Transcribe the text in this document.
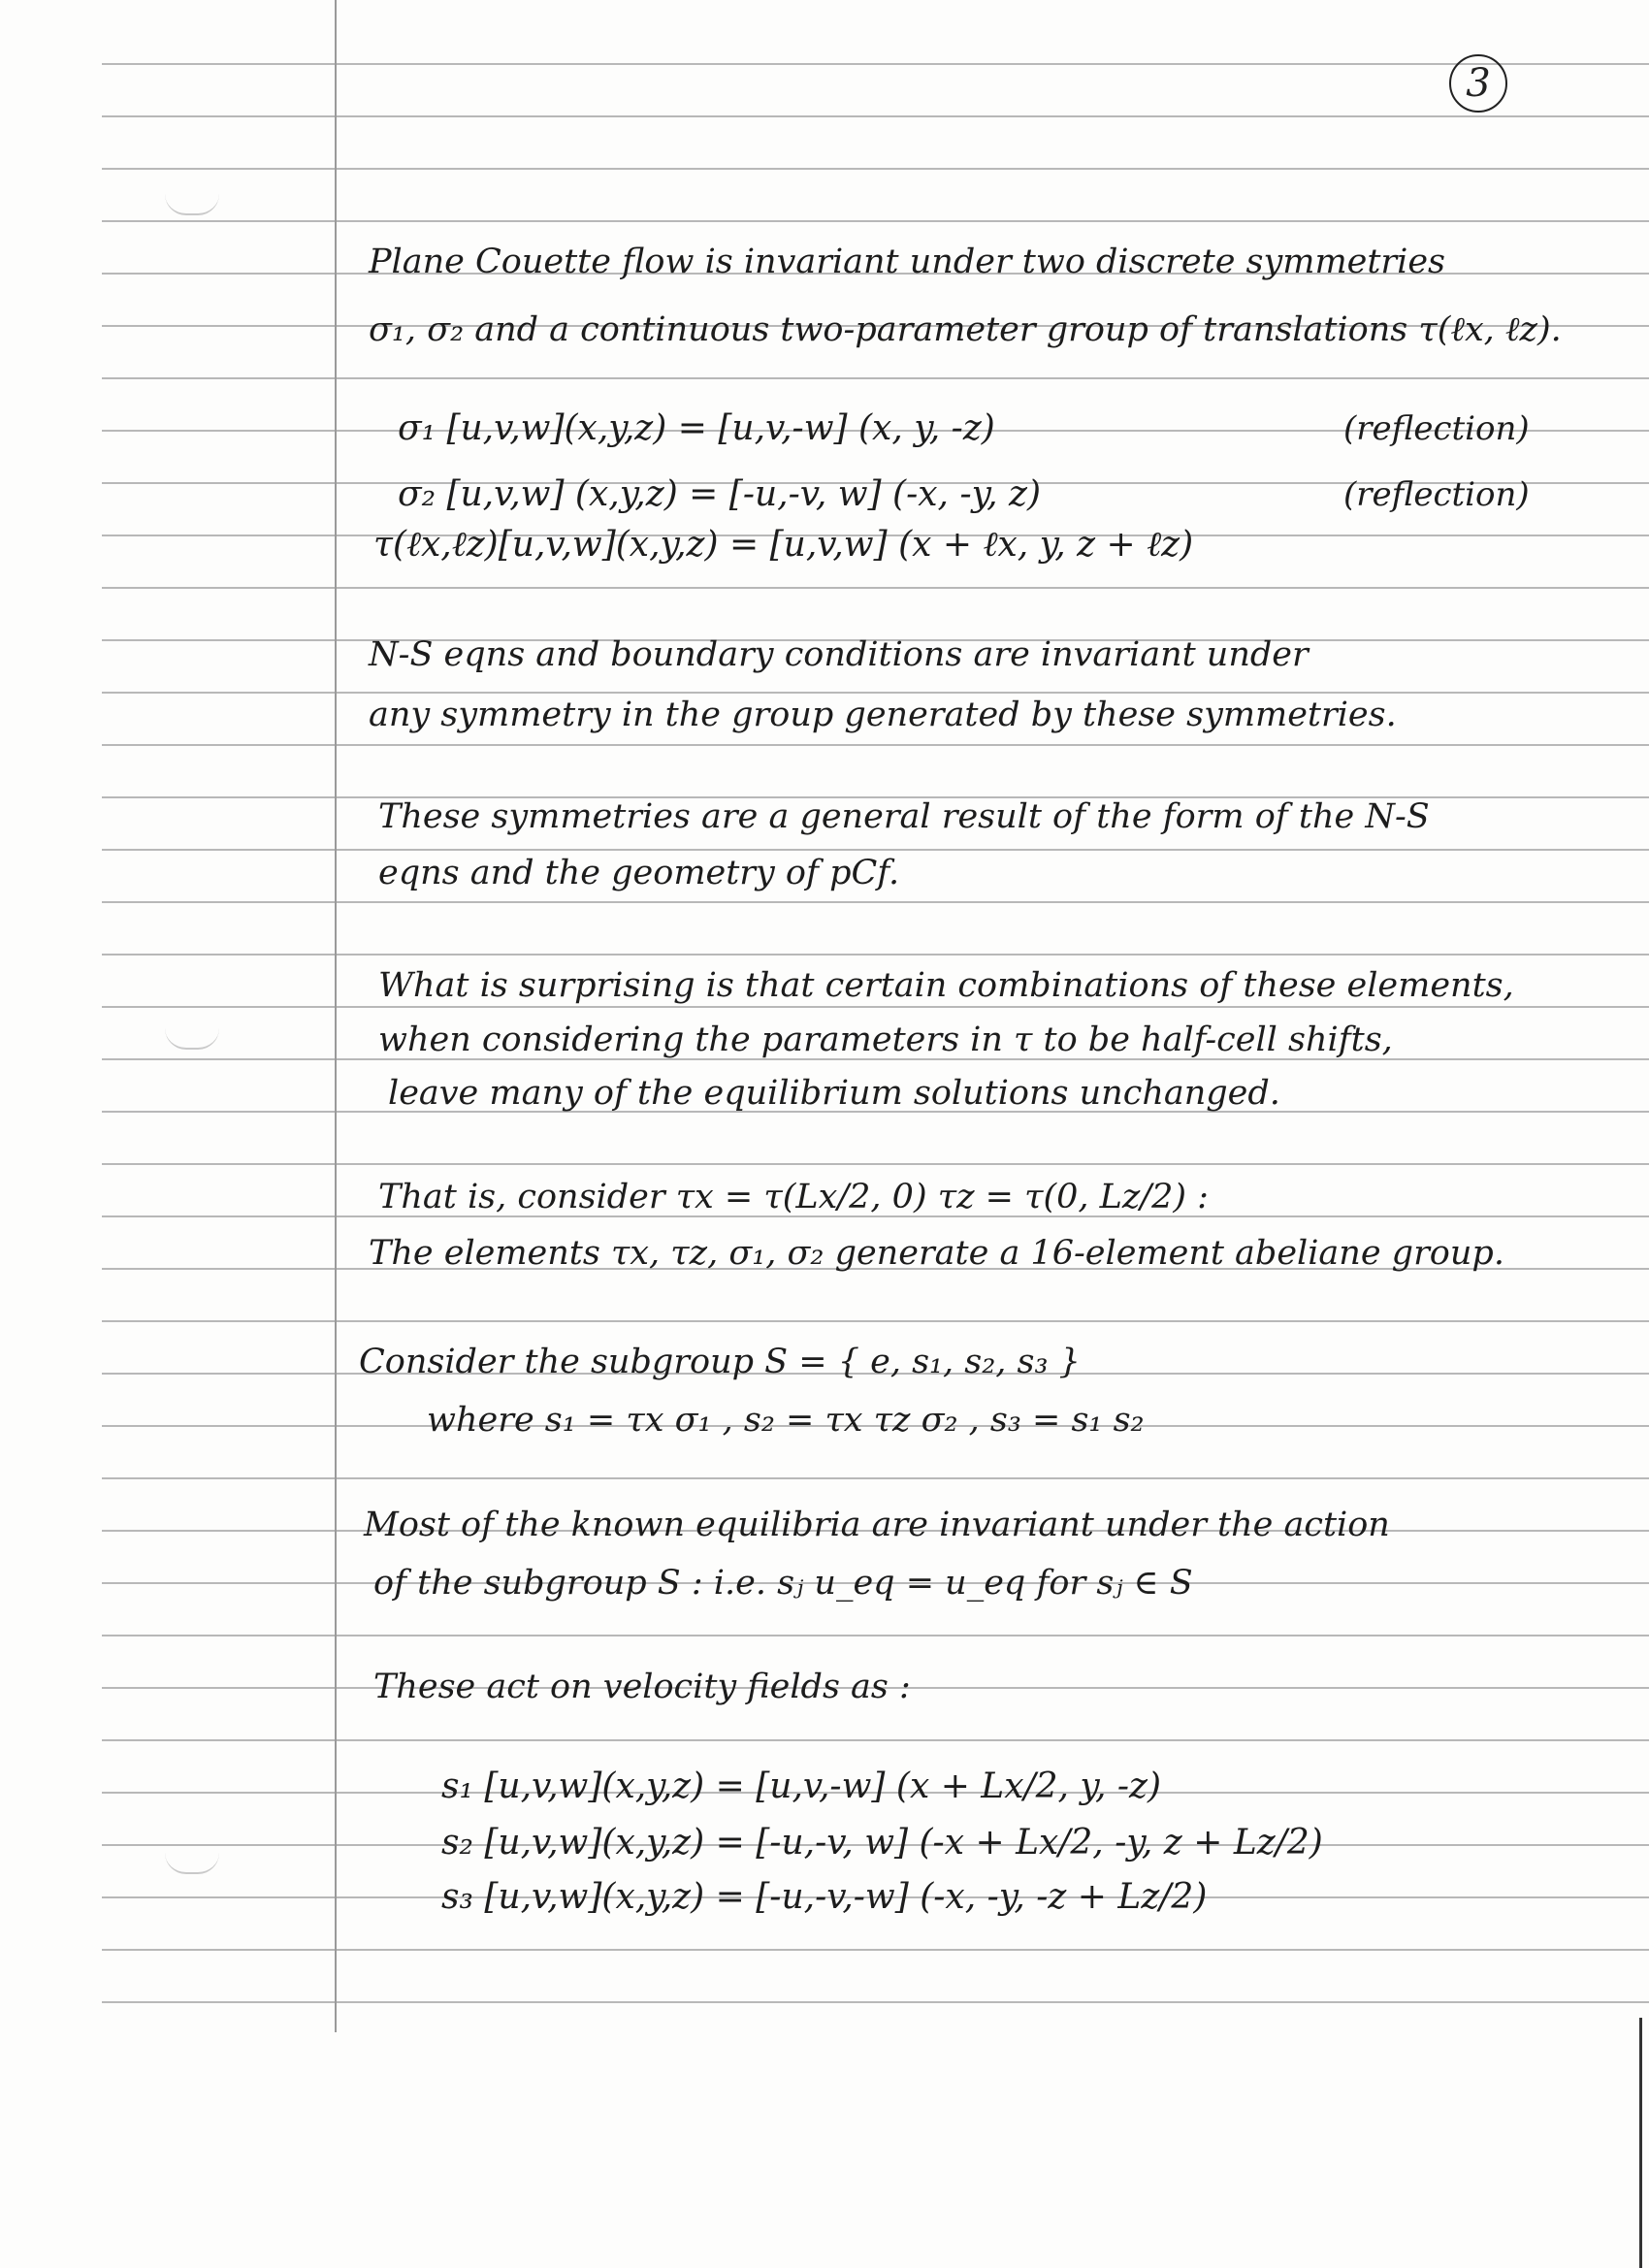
3
Plane Couette flow is invariant under two discrete symmetries
σ₁, σ₂ and a continuous two-parameter group of translations τ(ℓx, ℓz).
σ₁ [u,v,w](x,y,z) = [u,v,-w] (x, y, -z)	(reflection)
σ₂ [u,v,w] (x,y,z) = [-u,-v, w] (-x, -y, z)	(reflection)
τ(ℓx,ℓz)[u,v,w](x,y,z) = [u,v,w] (x + ℓx, y, z + ℓz)
N-S eqns and boundary conditions are invariant under
any symmetry in the group generated by these symmetries.
These symmetries are a general result of the form of the N-S
eqns and the geometry of pCf.
What is surprising is that certain combinations of these elements,
when considering the parameters in τ to be half-cell shifts,
leave many of the equilibrium solutions unchanged.
That is, consider τx = τ(Lx/2, 0) τz = τ(0, Lz/2) :
The elements τx, τz, σ₁, σ₂ generate a 16-element abeliane group.
Consider the subgroup S = { e, s₁, s₂, s₃ }
where s₁ = τx σ₁ , s₂ = τx τz σ₂ , s₃ = s₁ s₂
Most of the known equilibria are invariant under the action
of the subgroup S : i.e. sⱼ u_eq = u_eq for sⱼ ∈ S
These act on velocity fields as :
s₁ [u,v,w](x,y,z) = [u,v,-w] (x + Lx/2, y, -z)
s₂ [u,v,w](x,y,z) = [-u,-v, w] (-x + Lx/2, -y, z + Lz/2)
s₃ [u,v,w](x,y,z) = [-u,-v,-w] (-x, -y, -z + Lz/2)
